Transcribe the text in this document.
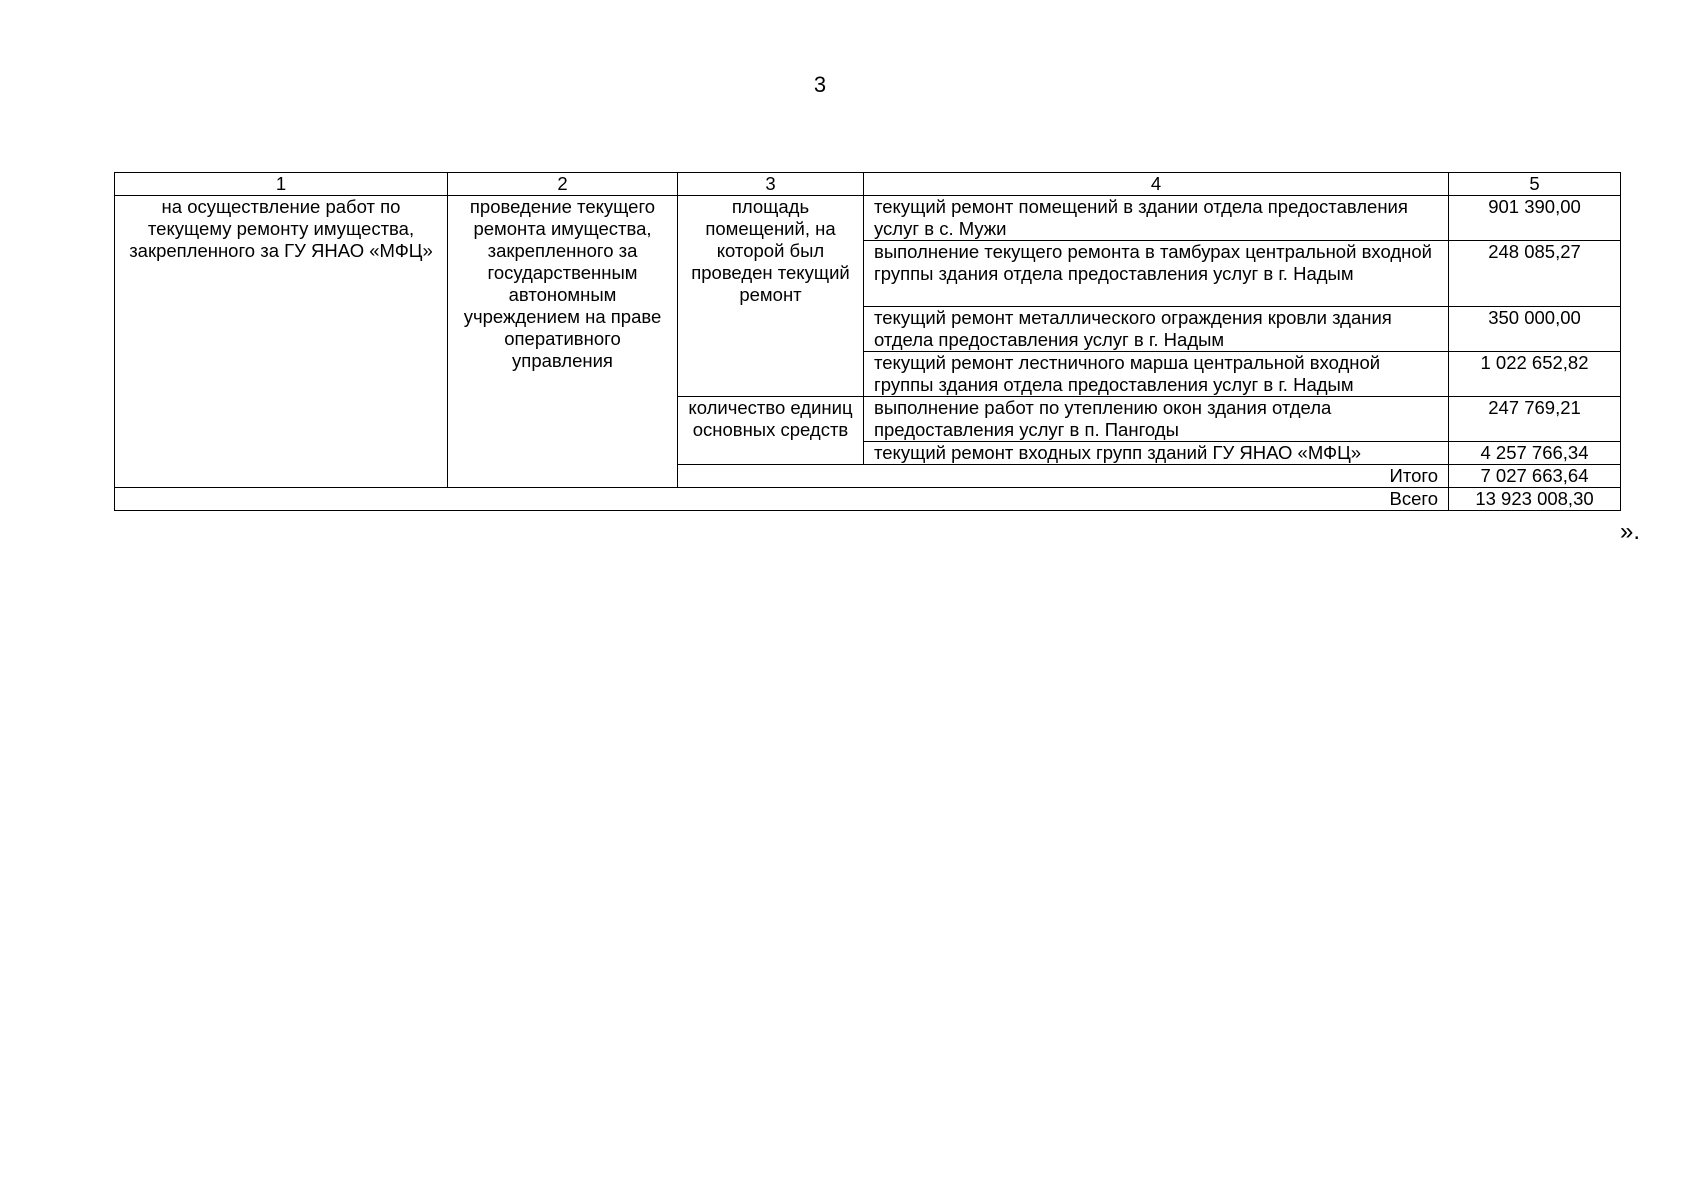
3
1	2	3	4	5
на осуществление работ по текущему ремонту имущества, закрепленного за ГУ ЯНАО «МФЦ»	проведение текущего ремонта имущества, закрепленного за государственным автономным учреждением на праве оперативного управления	площадь помещений, на которой был проведен текущий ремонт	текущий ремонт помещений в здании отдела предоставления услуг в с. Мужи	901 390,00
			выполнение текущего ремонта в тамбурах центральной входной группы здания отдела предоставления услуг в г. Надым	248 085,27
			текущий ремонт металлического ограждения кровли здания отдела предоставления услуг в г. Надым	350 000,00
			текущий ремонт лестничного марша центральной входной группы здания отдела предоставления услуг в г. Надым	1 022 652,82
		количество единиц основных средств	выполнение работ по утеплению окон здания отдела предоставления услуг в п. Пангоды	247 769,21
			текущий ремонт входных групп зданий ГУ ЯНАО «МФЦ»	4 257 766,34
		Итого		7 027 663,64
Всего				13 923 008,30
».
